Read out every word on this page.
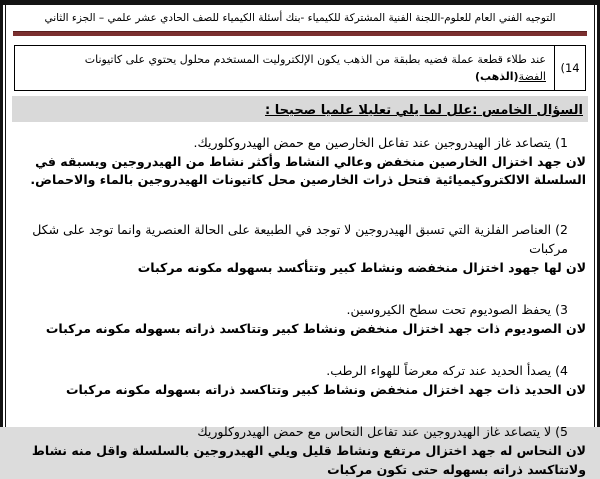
التوجيه الفني العام للعلوم-اللجنة الفنية المشتركة للكيمياء -بنك أسئلة الكيمياء للصف الحادي عشر علمي – الجزء الثاني
14)
عند طلاء قطعة عملة فضيه بطبقة من الذهب يكون الإلكتروليت المستخدم محلول يحتوي على كاتيونات الفضة(الذهب)
السؤال الخامس :علل لما يلي تعليلا علميا صحيحا :
1) يتصاعد غاز الهيدروجين عند تفاعل الخارصين مع حمض الهيدروكلوريك.
لان جهد اختزال الخارصين منخفض وعالي النشاط وأكثر نشاط من الهيدروجين ويسبقه في السلسلة الالكتروكيميائية فتحل ذرات الخارصين محل كاتيونات الهيدروجين بالماء والاحماض.
2) العناصر الفلزية التي تسبق الهيدروجين لا توجد في الطبيعة على الحالة العنصرية وانما توجد على شكل مركبات
لان لها جهود اختزال منخفضه ونشاط كبير وتتأكسد بسهوله مكونه مركبات
3) يحفظ الصوديوم تحت سطح الكيروسين.
لان الصوديوم ذات جهد اختزال منخفض ونشاط كبير وتتاكسد ذراته بسهوله مكونه مركبات
4) يصدأ الحديد عند تركه معرضاً للهواء الرطب.
لان الحديد ذات جهد اختزال منخفض ونشاط كبير وتتاكسد ذراته بسهوله مكونه مركبات
5) لا يتصاعد غاز الهيدروجين عند تفاعل النحاس مع حمض الهيدروكلوريك
لان النحاس له جهد اختزال مرتفع ونشاط قليل ويلي الهيدروجين بالسلسلة واقل منه نشاط ولاتتاكسد ذراته بسهوله حتى تكون مركبات
